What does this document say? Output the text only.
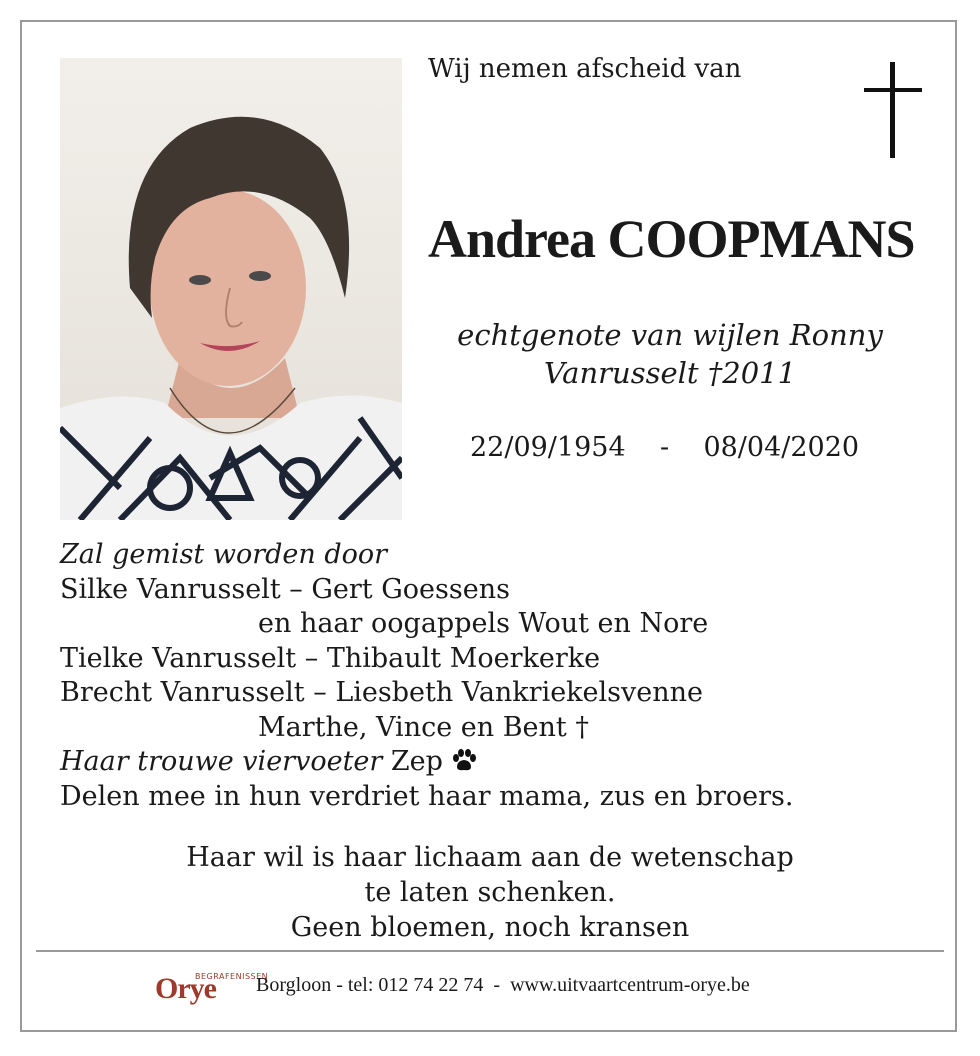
Wij nemen afscheid van
Andrea COOPMANS
echtgenote van wijlen Ronny
Vanrusselt †2011
22/09/1954 - 08/04/2020
Zal gemist worden door
Silke Vanrusselt – Gert Goessens
en haar oogappels Wout en Nore
Tielke Vanrusselt – Thibault Moerkerke
Brecht Vanrusselt – Liesbeth Vankriekelsvenne
Marthe, Vince en Bent †
Haar trouwe viervoeter Zep
Delen mee in hun verdriet haar mama, zus en broers.
Haar wil is haar lichaam aan de wetenschap
te laten schenken.
Geen bloemen, noch kransen
BEGRAFENISSEN
Orye Borgloon - tel: 012 74 22 74  -  www.uitvaartcentrum-orye.be
